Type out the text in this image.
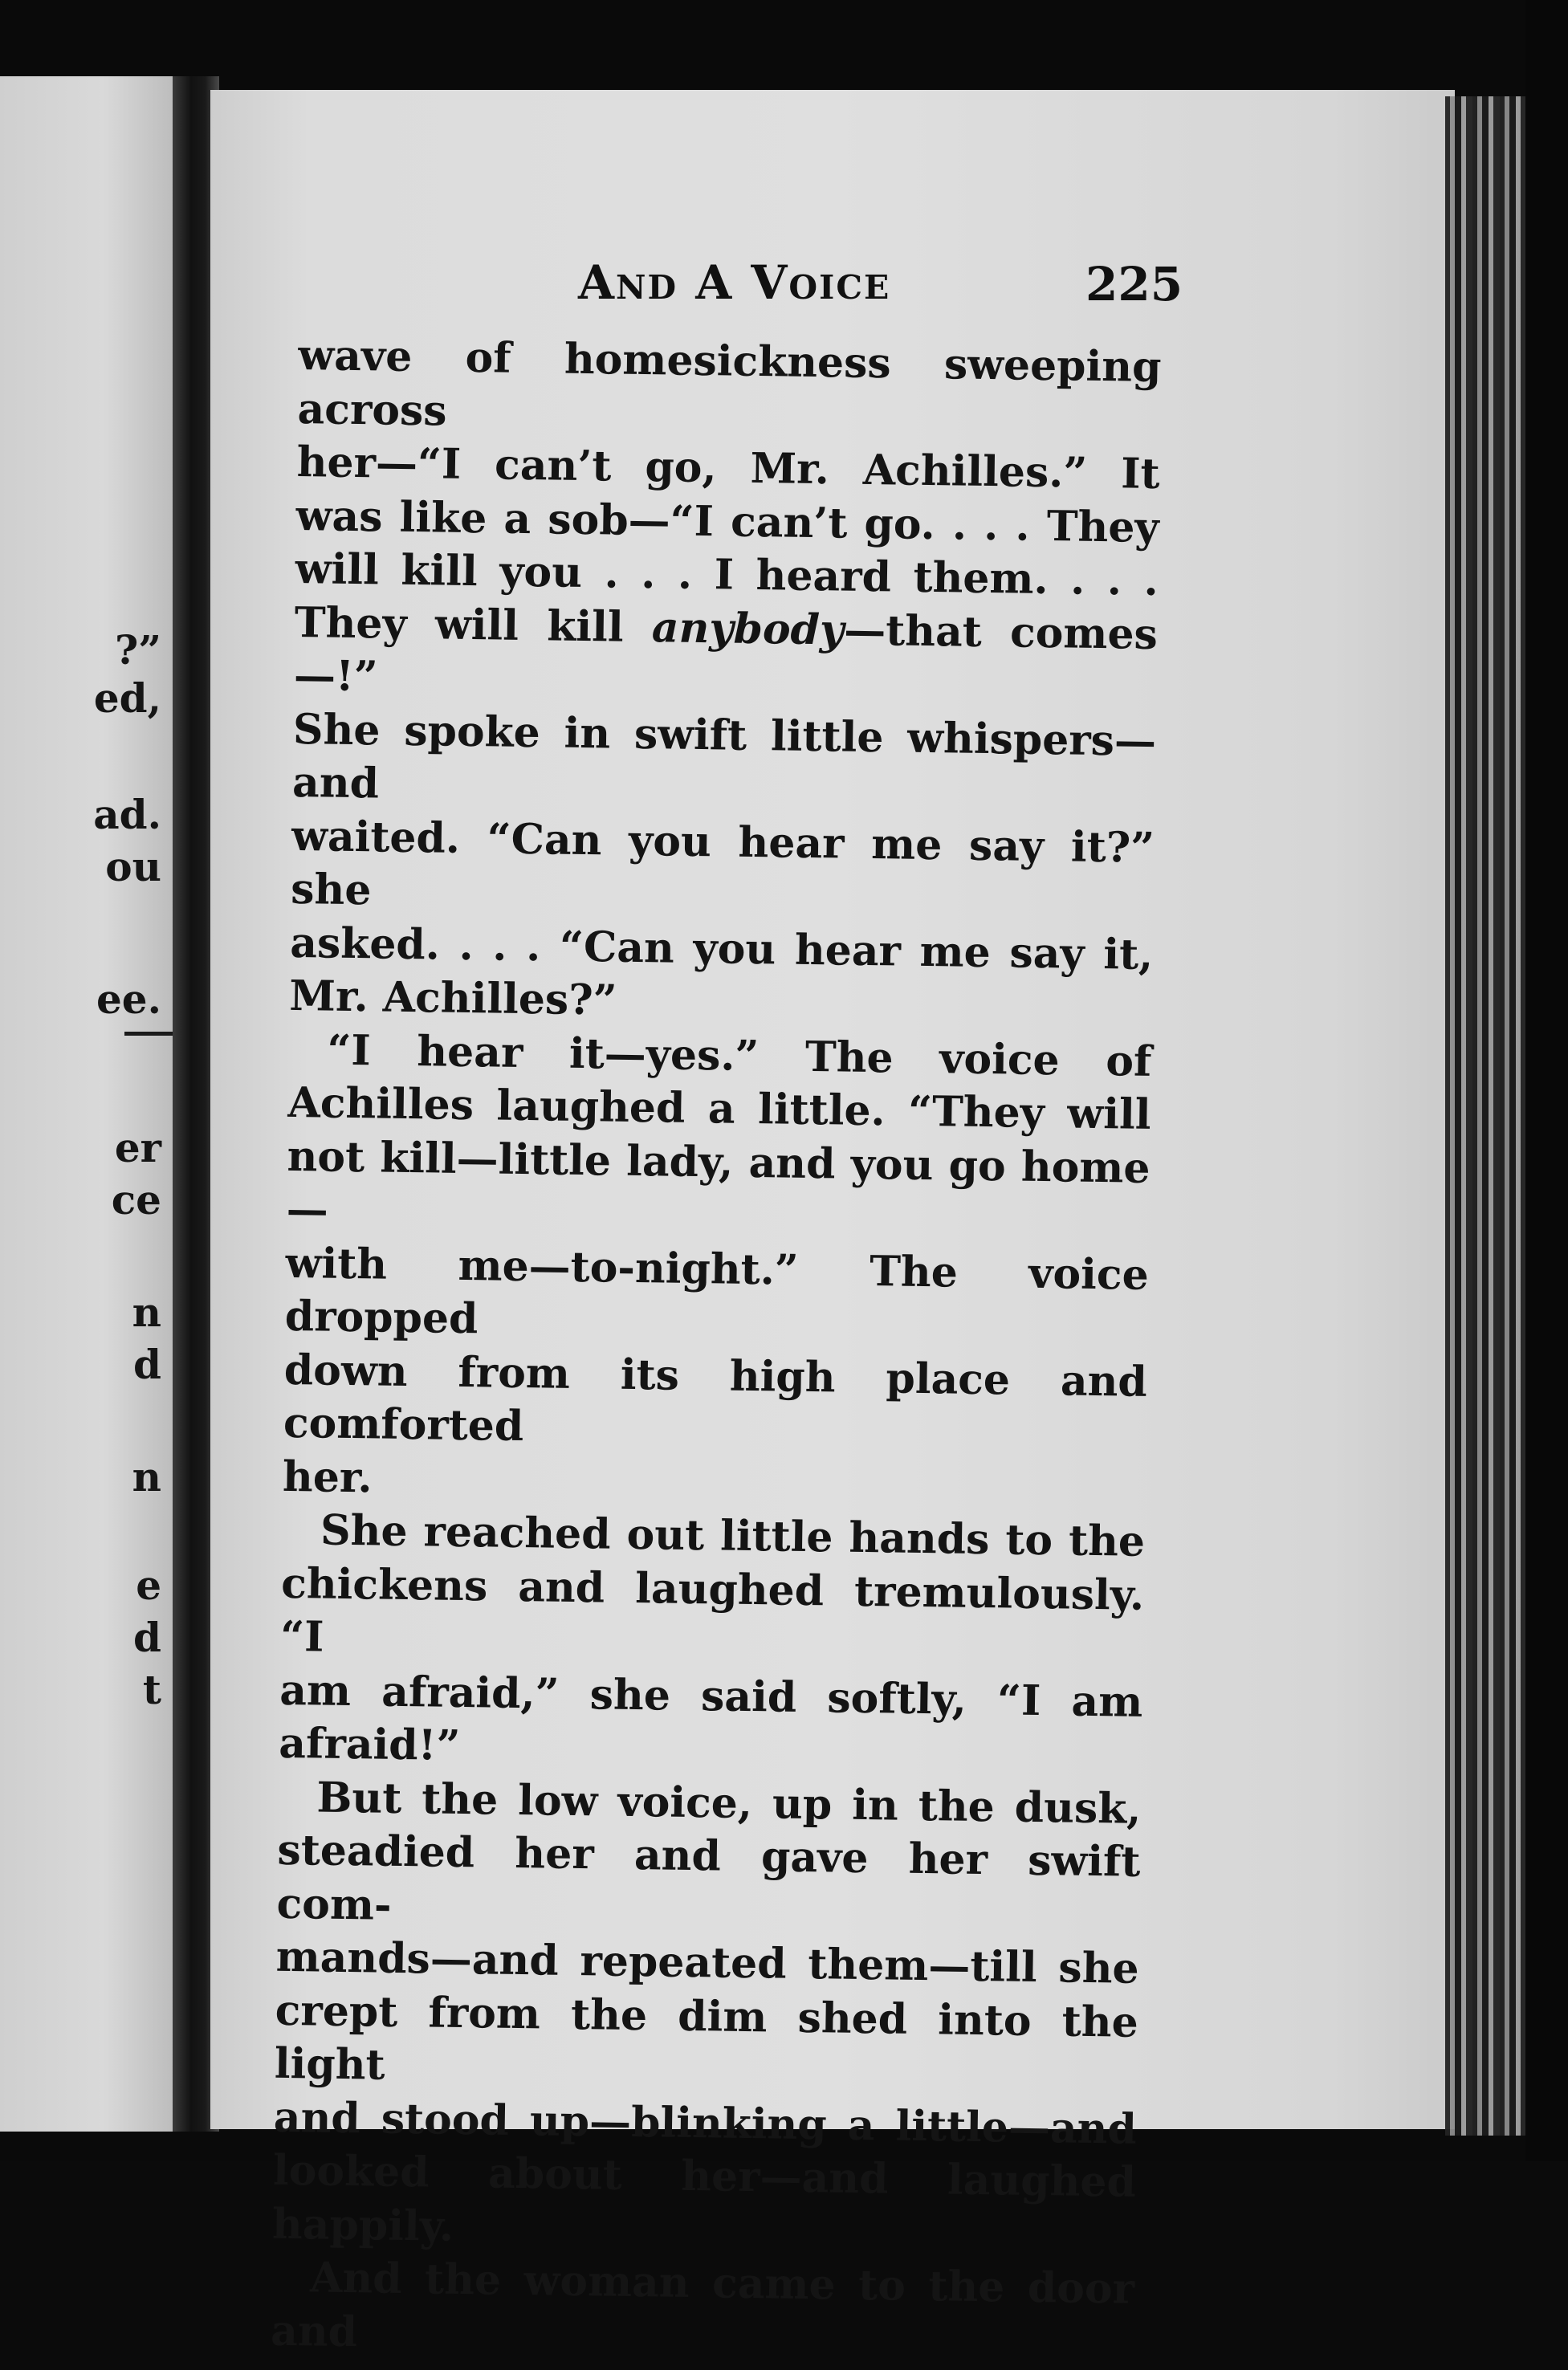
?”
ed,
ad.
ou
ee.
er
ce
n
d
n
e
d
t
And A Voice	225

wave of homesickness sweeping across

her—“I can’t go, Mr. Achilles.” It

was like a sob—“I can’t go. . . . They

will kill you . . . I heard them. . . .

They will kill anybody—that comes—!”

She spoke in swift little whispers—and

waited. “Can you hear me say it?” she

asked. . . . “Can you hear me say it,

Mr. Achilles?”

“I hear it—yes.” The voice of

Achilles laughed a little. “They will

not kill—little lady, and you go home—

with me—to-night.” The voice dropped

down from its high place and comforted

her.

She reached out little hands to the

chickens and laughed tremulously. “I

am afraid,” she said softly, “I am

afraid!”

But the low voice, up in the dusk,

steadied her and gave her swift com-

mands—and repeated them—till she

crept from the dim shed into the light

and stood up—blinking a little—and

looked about her—and laughed happily.

And the woman came to the door and
